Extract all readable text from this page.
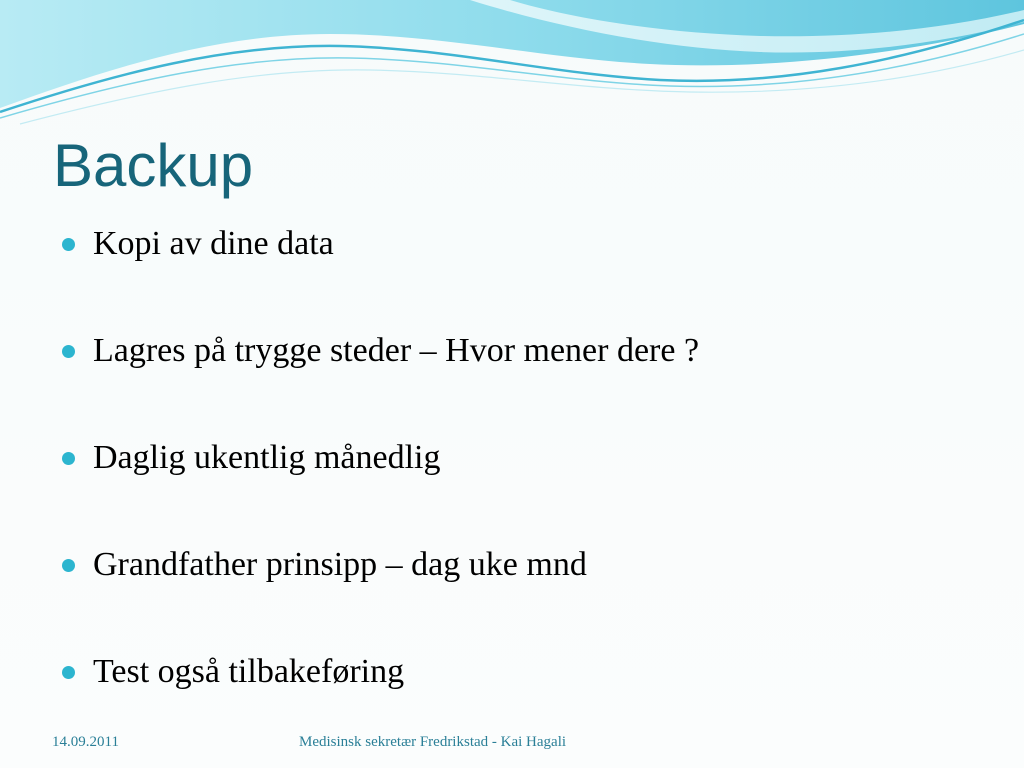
Backup
Kopi av dine data
Lagres på trygge steder – Hvor mener dere ?
Daglig ukentlig månedlig
Grandfather prinsipp – dag uke mnd
Test også tilbakeføring
14.09.2011	Medisinsk sekretær Fredrikstad - Kai Hagali
